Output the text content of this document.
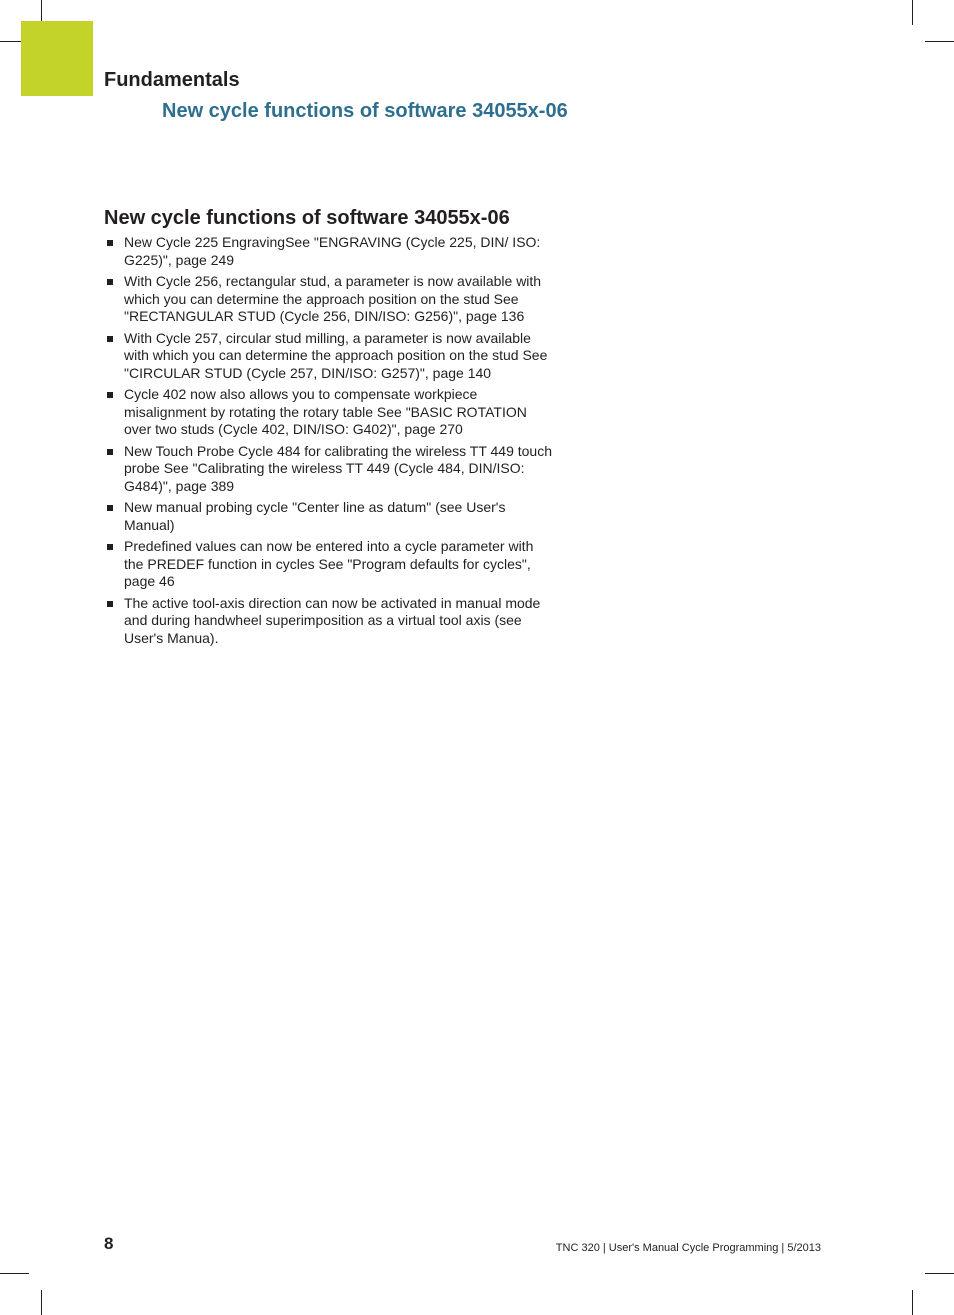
Fundamentals
New cycle functions of software 34055x-06
New cycle functions of software 34055x-06
New Cycle 225 EngravingSee "ENGRAVING (Cycle 225, DIN/ ISO: G225)", page 249
With Cycle 256, rectangular stud, a parameter is now available with which you can determine the approach position on the stud See "RECTANGULAR STUD (Cycle 256, DIN/ISO: G256)", page 136
With Cycle 257, circular stud milling, a parameter is now available with which you can determine the approach position on the stud See "CIRCULAR STUD (Cycle 257, DIN/ISO: G257)", page 140
Cycle 402 now also allows you to compensate workpiece misalignment by rotating the rotary table See "BASIC ROTATION over two studs (Cycle 402, DIN/ISO: G402)", page 270
New Touch Probe Cycle 484 for calibrating the wireless TT 449 touch probe See "Calibrating the wireless TT 449 (Cycle 484, DIN/ISO: G484)", page 389
New manual probing cycle "Center line as datum" (see User's Manual)
Predefined values can now be entered into a cycle parameter with the PREDEF function in cycles See "Program defaults for cycles", page 46
The active tool-axis direction can now be activated in manual mode and during handwheel superimposition as a virtual tool axis (see User's Manua).
8	TNC 320 | User's Manual Cycle Programming | 5/2013
